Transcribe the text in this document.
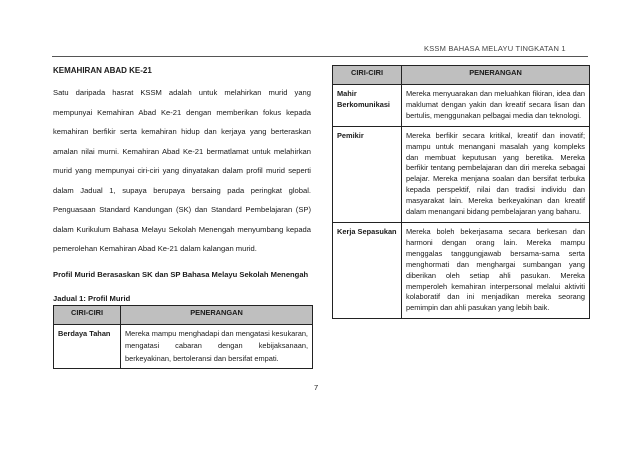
KSSM BAHASA MELAYU TINGKATAN 1

KEMAHIRAN ABAD KE-21

Satu daripada hasrat KSSM adalah untuk melahirkan murid yang mempunyai Kemahiran Abad Ke-21 dengan memberikan fokus kepada kemahiran berfikir serta kemahiran hidup dan kerjaya yang berteraskan amalan nilai murni. Kemahiran Abad Ke-21 bermatlamat untuk melahirkan murid yang mempunyai ciri-ciri yang dinyatakan dalam profil murid seperti dalam Jadual 1, supaya berupaya bersaing pada peringkat global. Penguasaan Standard Kandungan (SK) dan Standard Pembelajaran (SP) dalam Kurikulum Bahasa Melayu Sekolah Menengah menyumbang kepada pemerolehan Kemahiran Abad Ke-21 dalam kalangan murid.

Profil Murid Berasaskan SK dan SP Bahasa Melayu Sekolah Menengah

Jadual 1: Profil Murid

CIRI-CIRI	PENERANGAN
Berdaya Tahan	Mereka mampu menghadapi dan mengatasi kesukaran, mengatasi cabaran dengan kebijaksanaan, berkeyakinan, bertoleransi dan bersifat empati.
CIRI-CIRI	PENERANGAN
Mahir Berkomunikasi	Mereka menyuarakan dan meluahkan fikiran, idea dan maklumat dengan yakin dan kreatif secara lisan dan bertulis, menggunakan pelbagai media dan teknologi.
Pemikir	Mereka berfikir secara kritikal, kreatif dan inovatif; mampu untuk menangani masalah yang kompleks dan membuat keputusan yang beretika. Mereka berfikir tentang pembelajaran dan diri mereka sebagai pelajar. Mereka menjana soalan dan bersifat terbuka kepada perspektif, nilai dan tradisi individu dan masyarakat lain. Mereka berkeyakinan dan kreatif dalam menangani bidang pembelajaran yang baharu.
Kerja Sepasukan	Mereka boleh bekerjasama secara berkesan dan harmoni dengan orang lain. Mereka mampu menggalas tanggungjawab bersama-sama serta menghormati dan menghargai sumbangan yang diberikan oleh setiap ahli pasukan. Mereka memperoleh kemahiran interpersonal melalui aktiviti kolaboratif dan ini menjadikan mereka seorang pemimpin dan ahli pasukan yang lebih baik.
7
